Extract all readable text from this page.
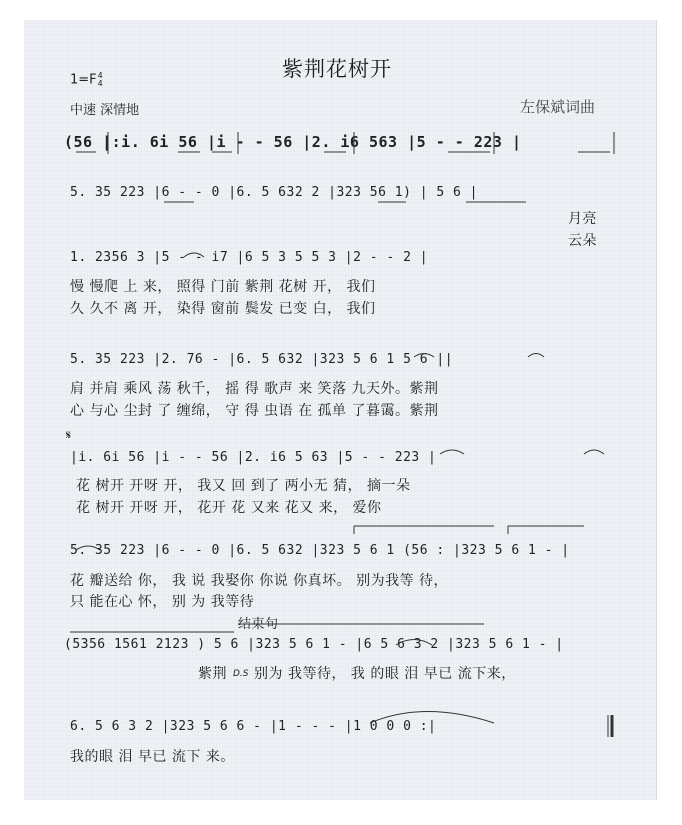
紫荆花树开
1=F4
4
中速 深情地	左保斌词曲
(56 |:i. 6i 56 |i - - 56 |2. i6 563 |5 - - 223 |
5. 35 223 |6 - - 0 |6. 5 632 2 |323 56 1) | 5 6 |
月亮
云朵
1. 2356 3 |5 - - i7 |6 5 3 5 5 3 |2 - - 2 |
慢 慢爬 上 来， 照得 门前 紫荆 花树 开， 我们
久 久不 离 开， 染得 窗前 鬓发 已变 白， 我们
5. 35 223 |2. 76 - |6. 5 632 |323 5 6 1 5 6 ||
肩 并肩 乘风 荡 秋千， 摇 得 歌声 来 笑落 九天外。紫荆
心 与心 尘封 了 缠绵， 守 得 虫语 在 孤单 了暮霭。紫荆
𝄋
|i. 6i 56 |i - - 56 |2. i6 5 63 |5 - - 223 |
花 树开 开呀 开， 我又 回 到了 两小无 猜， 摘一朵
花 树开 开呀 开， 花开 花 又来 花又 来， 爱你
5. 35 223 |6 - - 0 |6. 5 632 |323 5 6 1 (56 : |323 5 6 1 - |
花 瓣送给 你， 我 说 我娶你 你说 你真坏。 别为我等 待，
只 能在心 怀， 别 为 我等待
结束句
(5356 1561 2123 ) 5 6 |323 5 6 1 - |6 5 6 3 2 |323 5 6 1 - |
紫荆 D.S 别为 我等待， 我 的眼 泪 早已 流下来，
6. 5 6 3 2 |323 5 6 6 - |1 - - - |1 0 0 0 :|
我的眼 泪 早已 流下 来。
